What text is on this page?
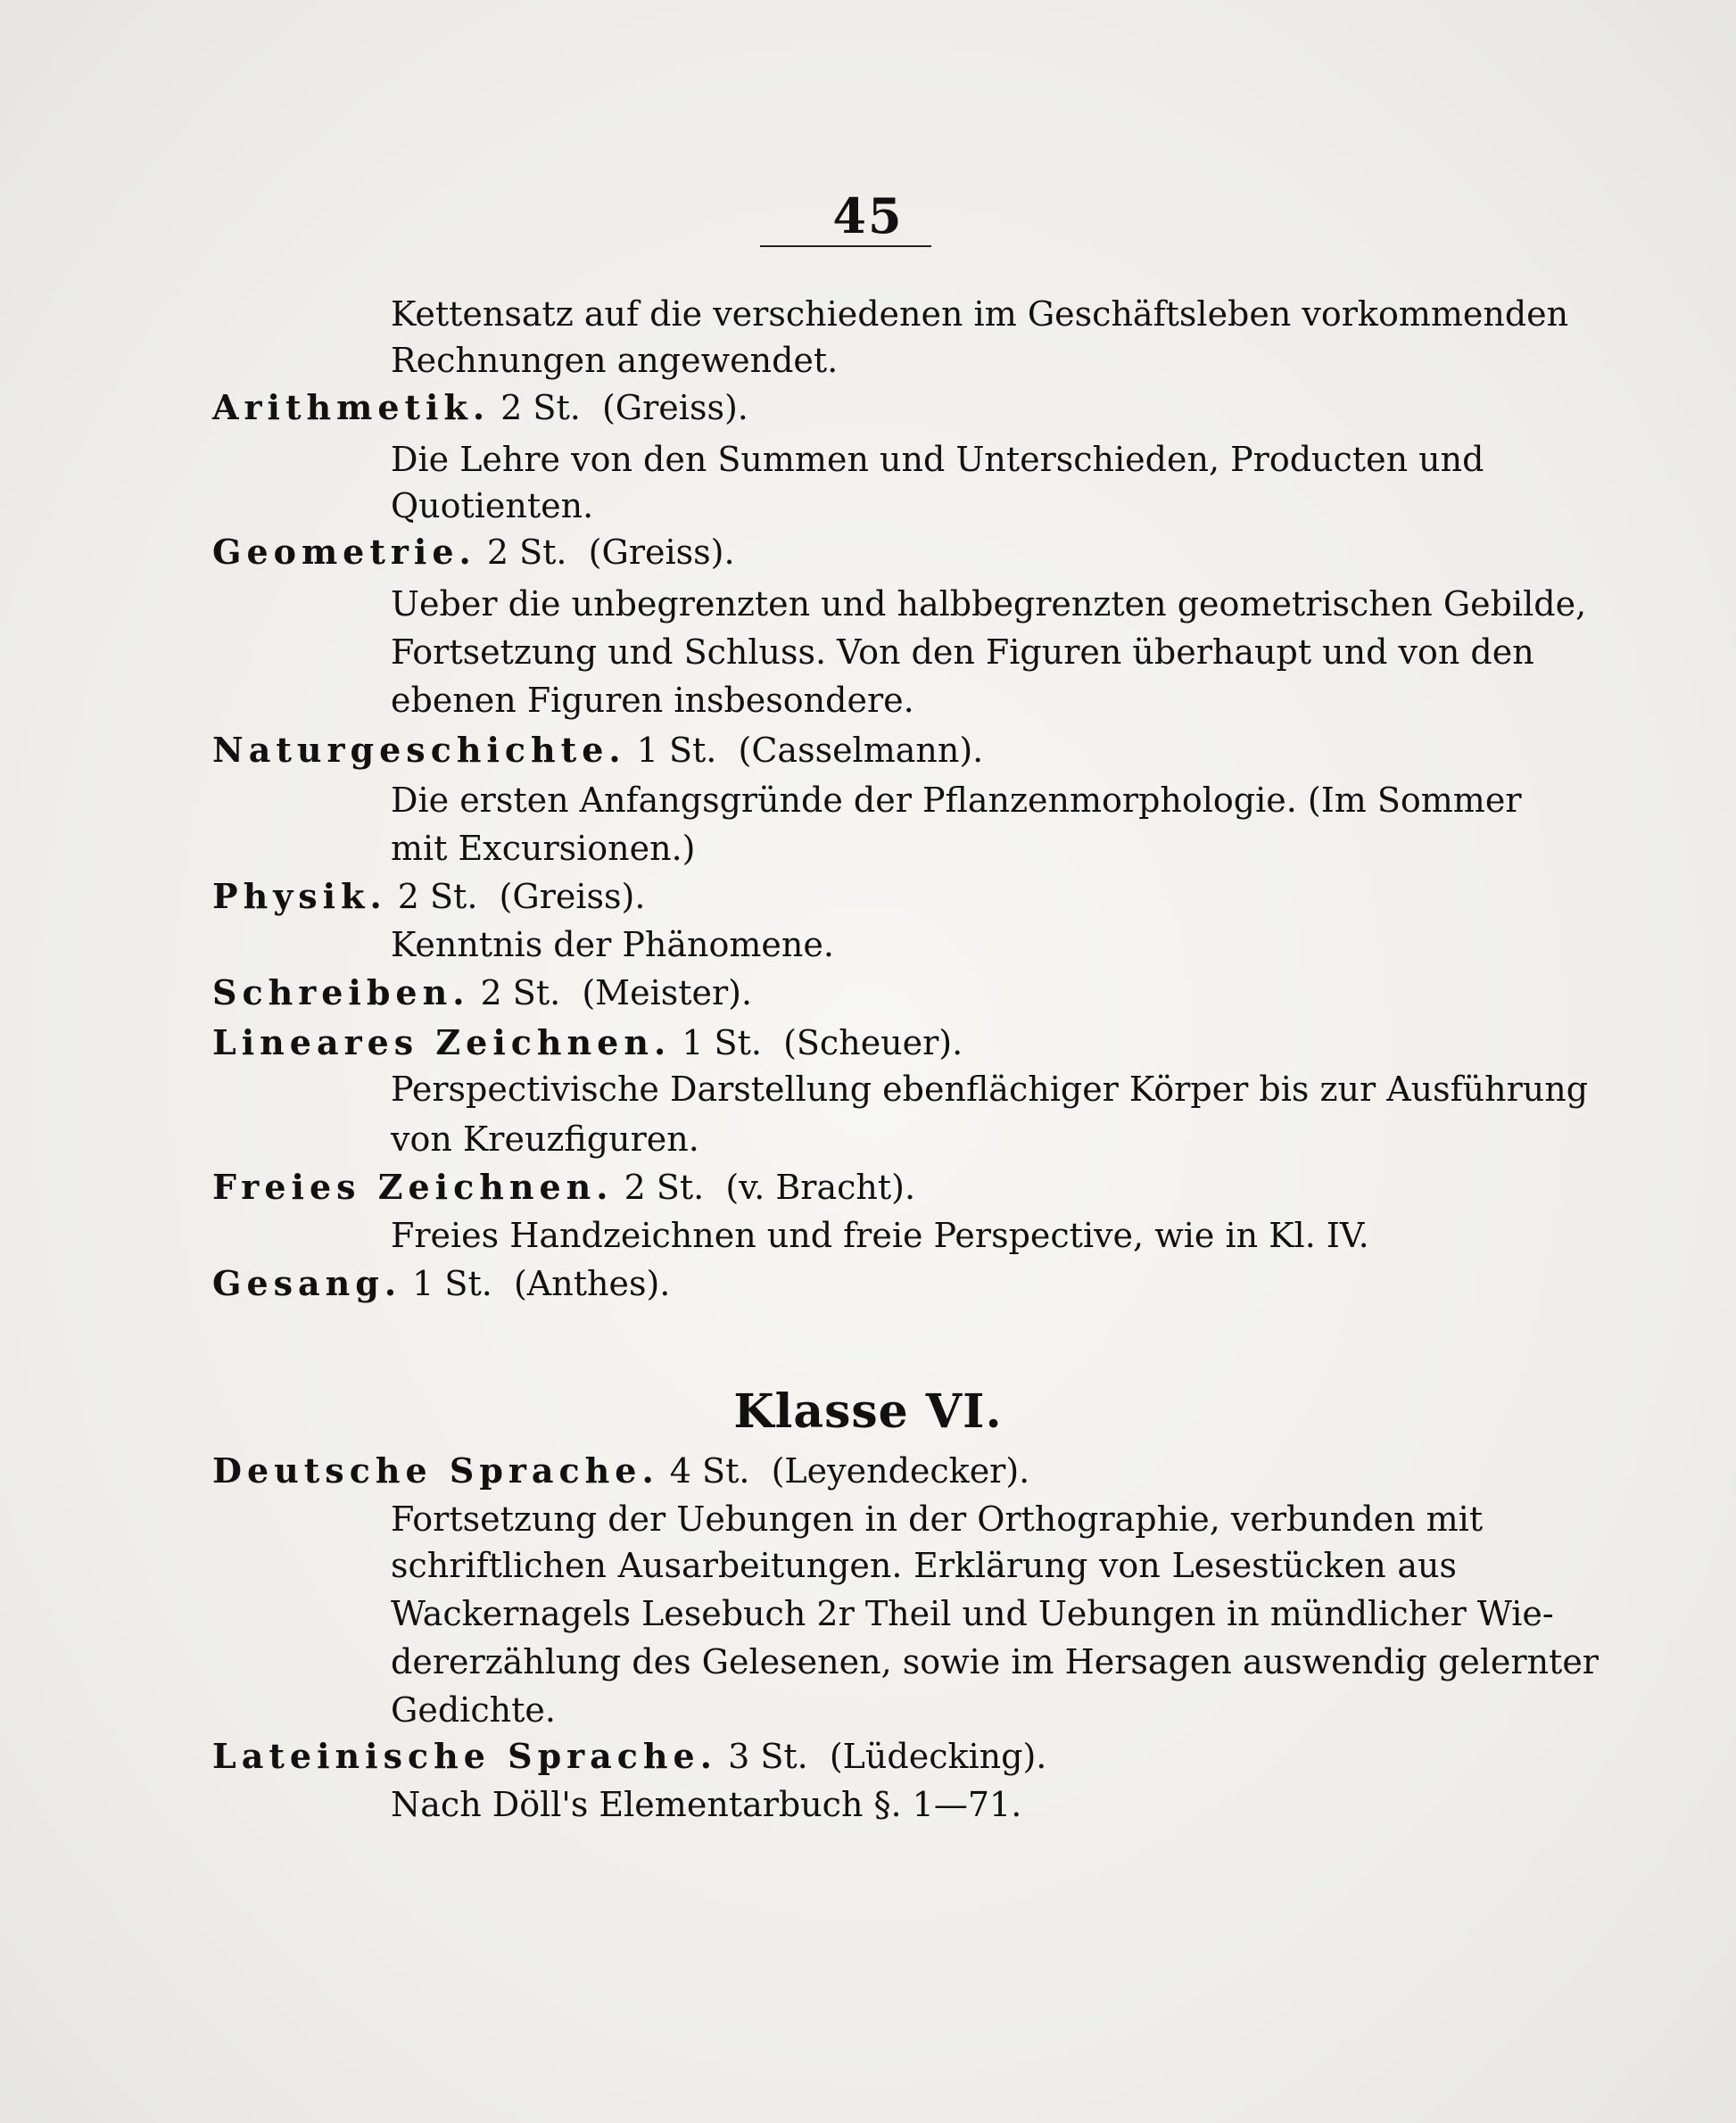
45
Kettensatz auf die verschiedenen im Geschäftsleben vorkommenden
Rechnungen angewendet.
Arithmetik. 2 St.  (Greiss).
Die Lehre von den Summen und Unterschieden, Producten und
Quotienten.
Geometrie. 2 St.  (Greiss).
Ueber die unbegrenzten und halbbegrenzten geometrischen Gebilde,
Fortsetzung und Schluss. Von den Figuren überhaupt und von den
ebenen Figuren insbesondere.
Naturgeschichte. 1 St.  (Casselmann).
Die ersten Anfangsgründe der Pflanzenmorphologie. (Im Sommer
mit Excursionen.)
Physik. 2 St.  (Greiss).
Kenntnis der Phänomene.
Schreiben. 2 St.  (Meister).
Lineares Zeichnen. 1 St.  (Scheuer).
Perspectivische Darstellung ebenflächiger Körper bis zur Ausführung
von Kreuzfiguren.
Freies Zeichnen. 2 St.  (v. Bracht).
Freies Handzeichnen und freie Perspective, wie in Kl. IV.
Gesang. 1 St.  (Anthes).
Klasse VI.
Deutsche Sprache. 4 St.  (Leyendecker).
Fortsetzung der Uebungen in der Orthographie, verbunden mit
schriftlichen Ausarbeitungen. Erklärung von Lesestücken aus
Wackernagels Lesebuch 2r Theil und Uebungen in mündlicher Wie-
dererzählung des Gelesenen, sowie im Hersagen auswendig gelernter
Gedichte.
Lateinische Sprache. 3 St.  (Lüdecking).
Nach Döll's Elementarbuch §. 1—71.
